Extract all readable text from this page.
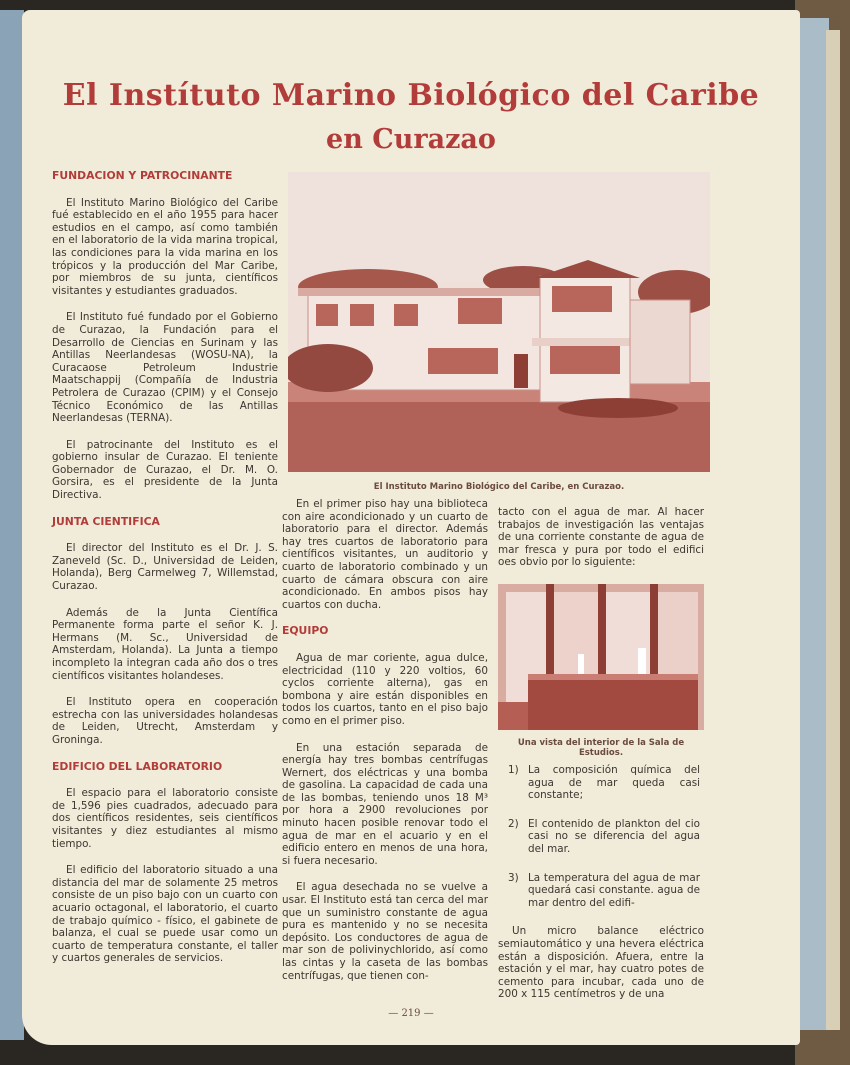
El Instítuto Marino Biológico del Caribe
en Curazao
FUNDACION Y PATROCINANTE

El Instituto Marino Biológico del Caribe fué establecido en el año 1955 para hacer estudios en el campo, así como también en el laboratorio de la vida marina tropical, las condiciones para la vida marina en los trópicos y la producción del Mar Caribe, por miembros de su junta, científicos visitantes y estudiantes graduados.

El Instituto fué fundado por el Gobierno de Curazao, la Fundación para el Desarrollo de Ciencias en Surinam y las Antillas Neerlandesas (WOSU-NA), la Curacaose Petroleum Industrie Maatschappij (Compañía de Industria Petrolera de Curazao (CPIM) y el Consejo Técnico Económico de las Antillas Neerlandesas (TERNA).

El patrocinante del Instituto es el gobierno insular de Curazao. El teniente Gobernador de Curazao, el Dr. M. O. Gorsira, es el presidente de la Junta Directiva.

JUNTA CIENTIFICA

El director del Instituto es el Dr. J. S. Zaneveld (Sc. D., Universidad de Leiden, Holanda), Berg Carmelweg 7, Willemstad, Curazao.

Además de la Junta Científica Permanente forma parte el señor K. J. Hermans (M. Sc., Universidad de Amsterdam, Holanda). La Junta a tiempo incompleto la integran cada año dos o tres científicos visitantes holandeses.

El Instituto opera en cooperación estrecha con las universidades holandesas de Leiden, Utrecht, Amsterdam y Groninga.

EDIFICIO DEL LABORATORIO

El espacio para el laboratorio consiste de 1,596 pies cuadrados, adecuado para dos científicos residentes, seis científicos visitantes y diez estudiantes al mismo tiempo.

El edificio del laboratorio situado a una distancia del mar de solamente 25 metros consiste de un piso bajo con un cuarto con acuario octagonal, el laboratorio, el cuarto de trabajo químico - físico, el gabinete de balanza, el cual se puede usar como un cuarto de temperatura constante, el taller y cuartos generales de servicios.

El Instituto Marino Biológico del Caribe, en Curazao.

En el primer piso hay una biblioteca con aire acondicionado y un cuarto de laboratorio para el director. Además hay tres cuartos de laboratorio para científicos visitantes, un auditorio y cuarto de laboratorio combinado y un cuarto de cámara obscura con aire acondicionado. En ambos pisos hay cuartos con ducha.

EQUIPO

Agua de mar coriente, agua dulce, electricidad (110 y 220 voltios, 60 cyclos corriente alterna), gas en bombona y aire están disponibles en todos los cuartos, tanto en el piso bajo como en el primer piso.

En una estación separada de energía hay tres bombas centrífugas Wernert, dos eléctricas y una bomba de gasolina. La capacidad de cada una de las bombas, teniendo unos 18 M³ por hora a 2900 revoluciones por minuto hacen posible renovar todo el agua de mar en el acuario y en el edificio entero en menos de una hora, si fuera necesario.

El agua desechada no se vuelve a usar. El Instituto está tan cerca del mar que un suministro constante de agua pura es mantenido y no se necesita depósito. Los conductores de agua de mar son de polivinychlorido, así como las cintas y la caseta de las bombas centrífugas, que tienen con-

tacto con el agua de mar. Al hacer trabajos de investigación las ventajas de una corriente constante de agua de mar fresca y pura por todo el edifici oes obvio por lo siguiente:

Una vista del interior de la Sala de Estudios.
1) La composición química del agua de mar queda casi constante;
2) El contenido de plankton del cio casi no se diferencia del agua del mar.
3) La temperatura del agua de mar quedará casi constante. agua de mar dentro del edifi-

Un micro balance eléctrico semiautomático y una hevera eléctrica están a disposición. Afuera, entre la estación y el mar, hay cuatro potes de cemento para incubar, cada uno de 200 x 115 centímetros y de una

— 219 —
